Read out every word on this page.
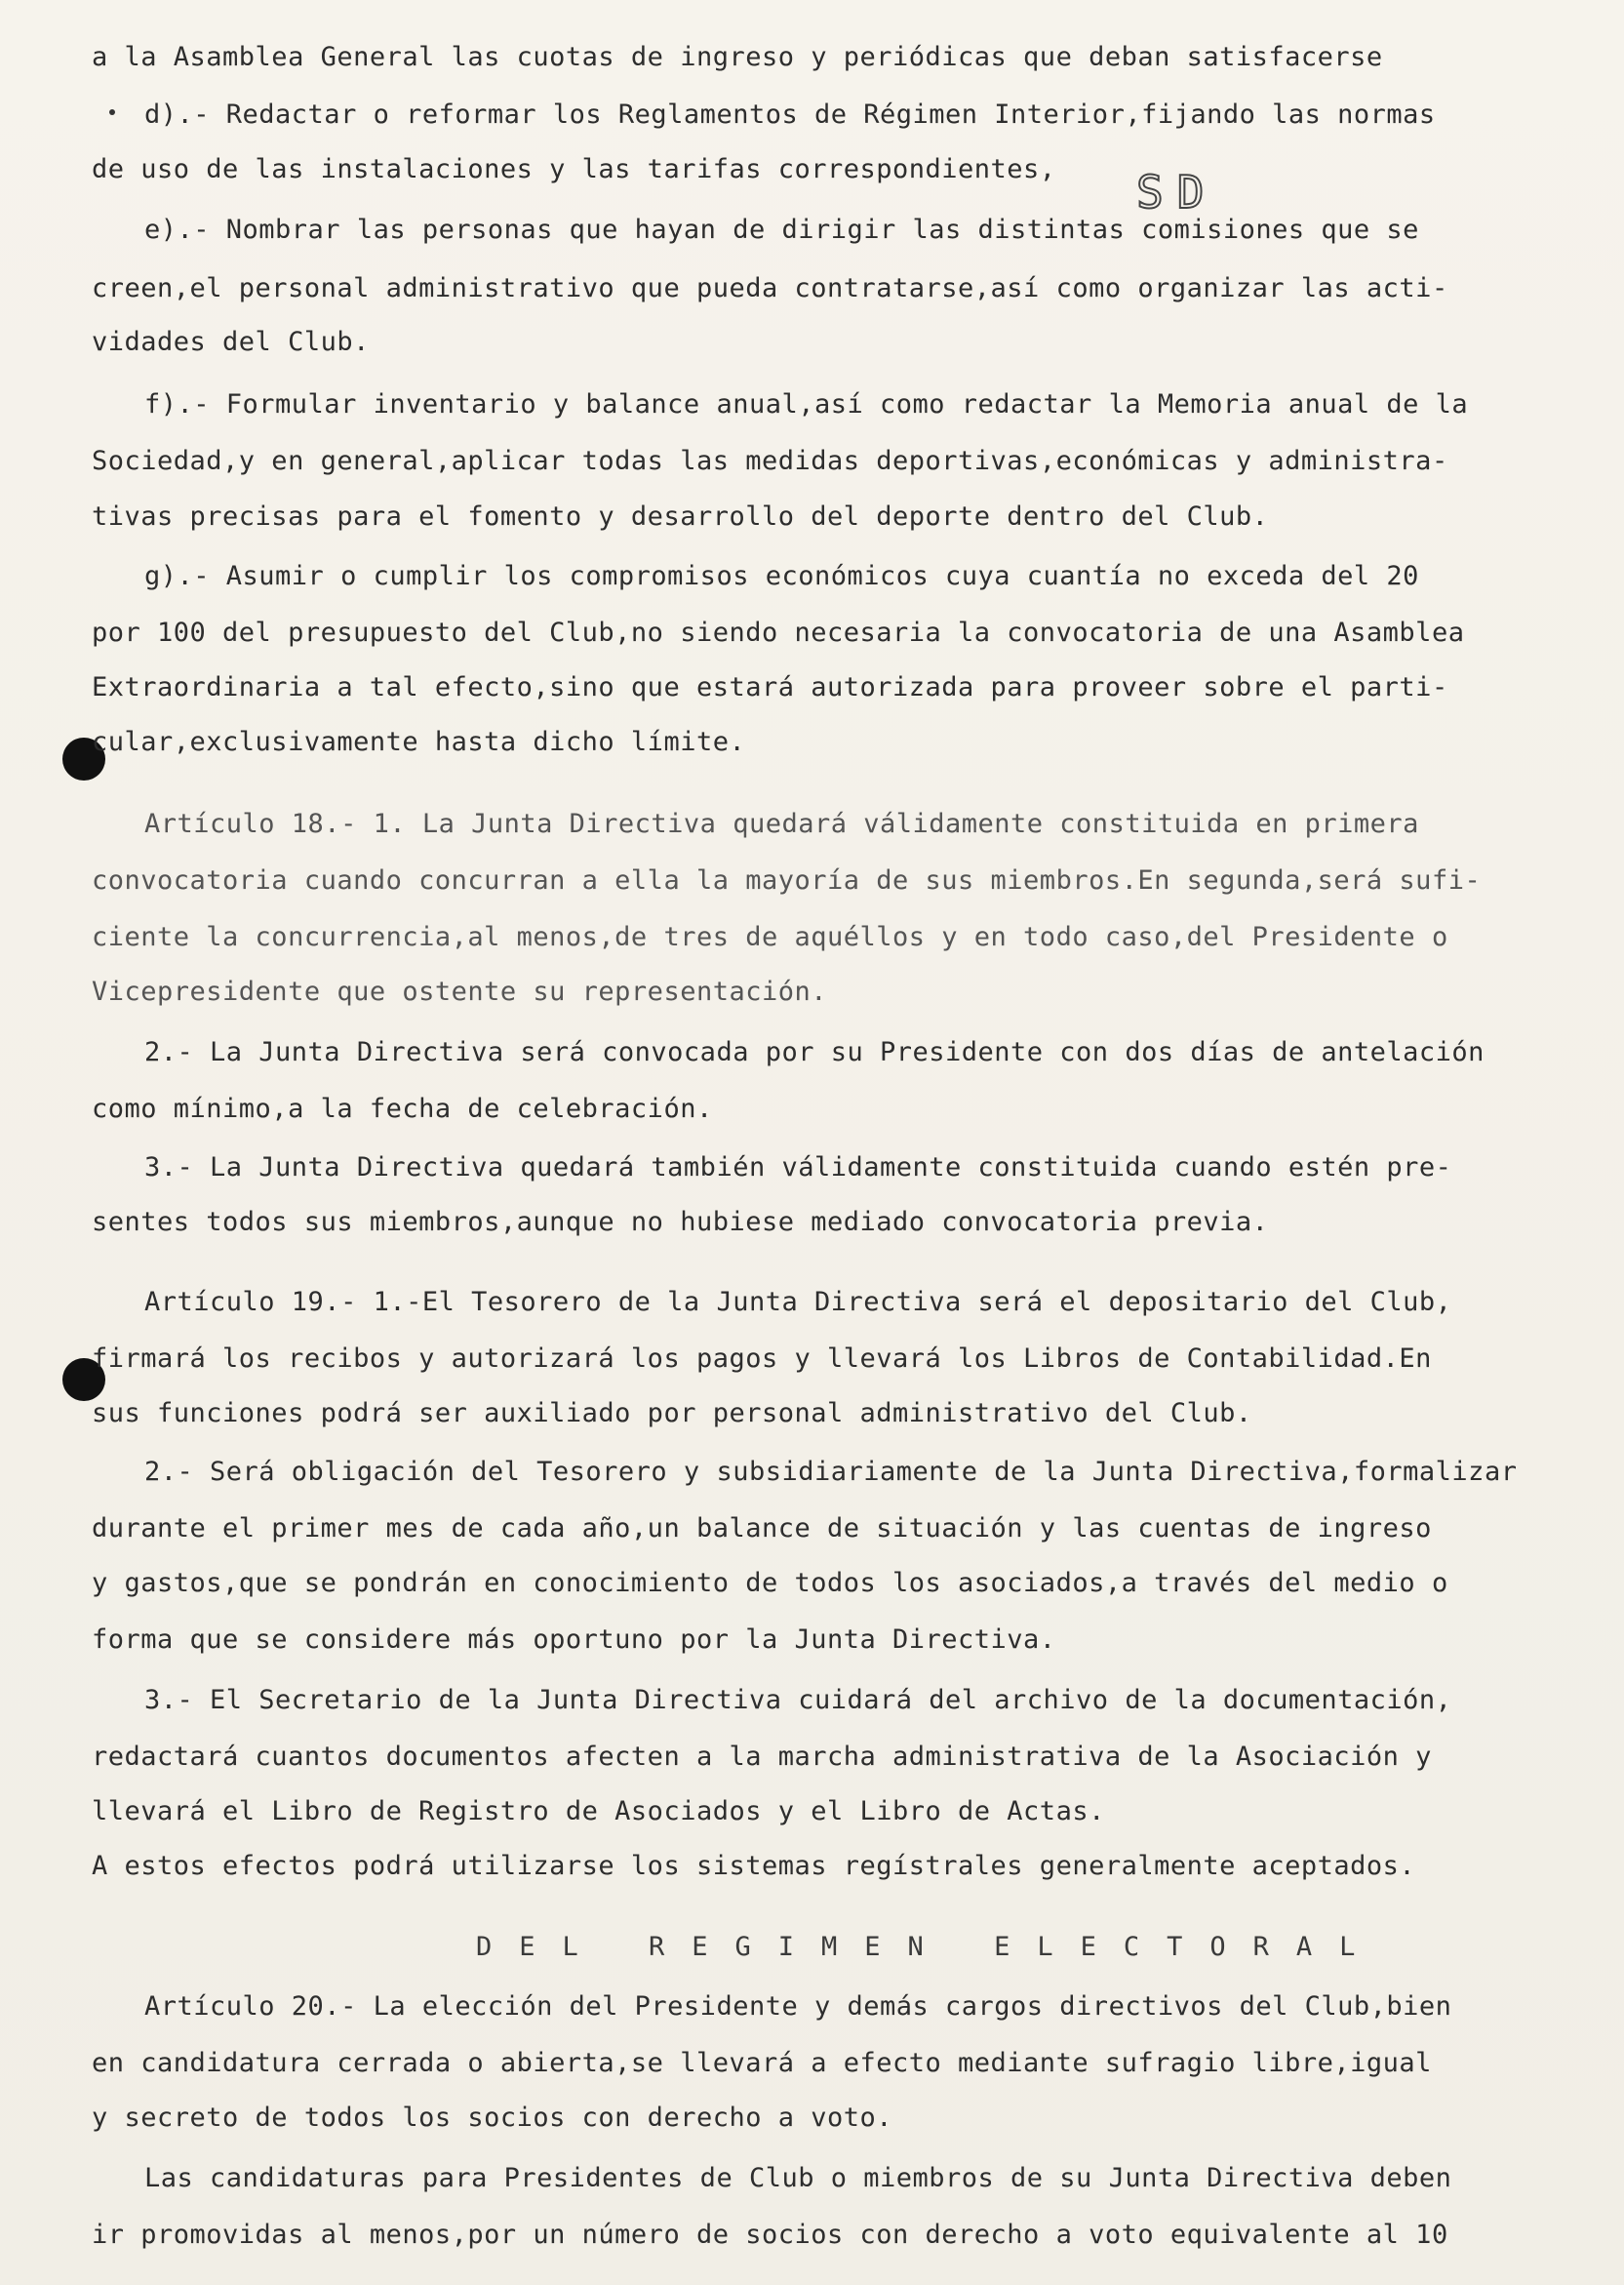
SD
a la Asamblea General las cuotas de ingreso y periódicas que deban satisfacerse
d).- Redactar o reformar los Reglamentos de Régimen Interior,fijando las normas
de uso de las instalaciones y las tarifas correspondientes,
e).- Nombrar las personas que hayan de dirigir las distintas comisiones que se
creen,el personal administrativo que pueda contratarse,así como organizar las acti-
vidades del Club.
f).- Formular inventario y balance anual,así como redactar la Memoria anual de la
Sociedad,y en general,aplicar todas las medidas deportivas,económicas y administra-
tivas precisas para el fomento y desarrollo del deporte dentro del Club.
g).- Asumir o cumplir los compromisos económicos cuya cuantía no exceda del 20
por 100 del presupuesto del Club,no siendo necesaria la convocatoria de una Asamblea
Extraordinaria a tal efecto,sino que estará autorizada para proveer sobre el parti-
cular,exclusivamente hasta dicho límite.
Artículo 18.- 1. La Junta Directiva quedará válidamente constituida en primera
convocatoria cuando concurran a ella la mayoría de sus miembros.En segunda,será sufi-
ciente la concurrencia,al menos,de tres de aquéllos y en todo caso,del Presidente o
Vicepresidente que ostente su representación.
2.- La Junta Directiva será convocada por su Presidente con dos días de antelación
como mínimo,a la fecha de celebración.
3.- La Junta Directiva quedará también válidamente constituida cuando estén pre-
sentes todos sus miembros,aunque no hubiese mediado convocatoria previa.
Artículo 19.- 1.-El Tesorero de la Junta Directiva será el depositario del Club,
firmará los recibos y autorizará los pagos y llevará los Libros de Contabilidad.En
sus funciones podrá ser auxiliado por personal administrativo del Club.
2.- Será obligación del Tesorero y subsidiariamente de la Junta Directiva,formalizar
durante el primer mes de cada año,un balance de situación y las cuentas de ingreso
y gastos,que se pondrán en conocimiento de todos los asociados,a través del medio o
forma que se considere más oportuno por la Junta Directiva.
3.- El Secretario de la Junta Directiva cuidará del archivo de la documentación,
redactará cuantos documentos afecten a la marcha administrativa de la Asociación y
llevará el Libro de Registro de Asociados y el Libro de Actas.
A estos efectos podrá utilizarse los sistemas regístrales generalmente aceptados.
DEL REGIMEN ELECTORAL
Artículo 20.- La elección del Presidente y demás cargos directivos del Club,bien
en candidatura cerrada o abierta,se llevará a efecto mediante sufragio libre,igual
y secreto de todos los socios con derecho a voto.
Las candidaturas para Presidentes de Club o miembros de su Junta Directiva deben
ir promovidas al menos,por un número de socios con derecho a voto equivalente al 10
